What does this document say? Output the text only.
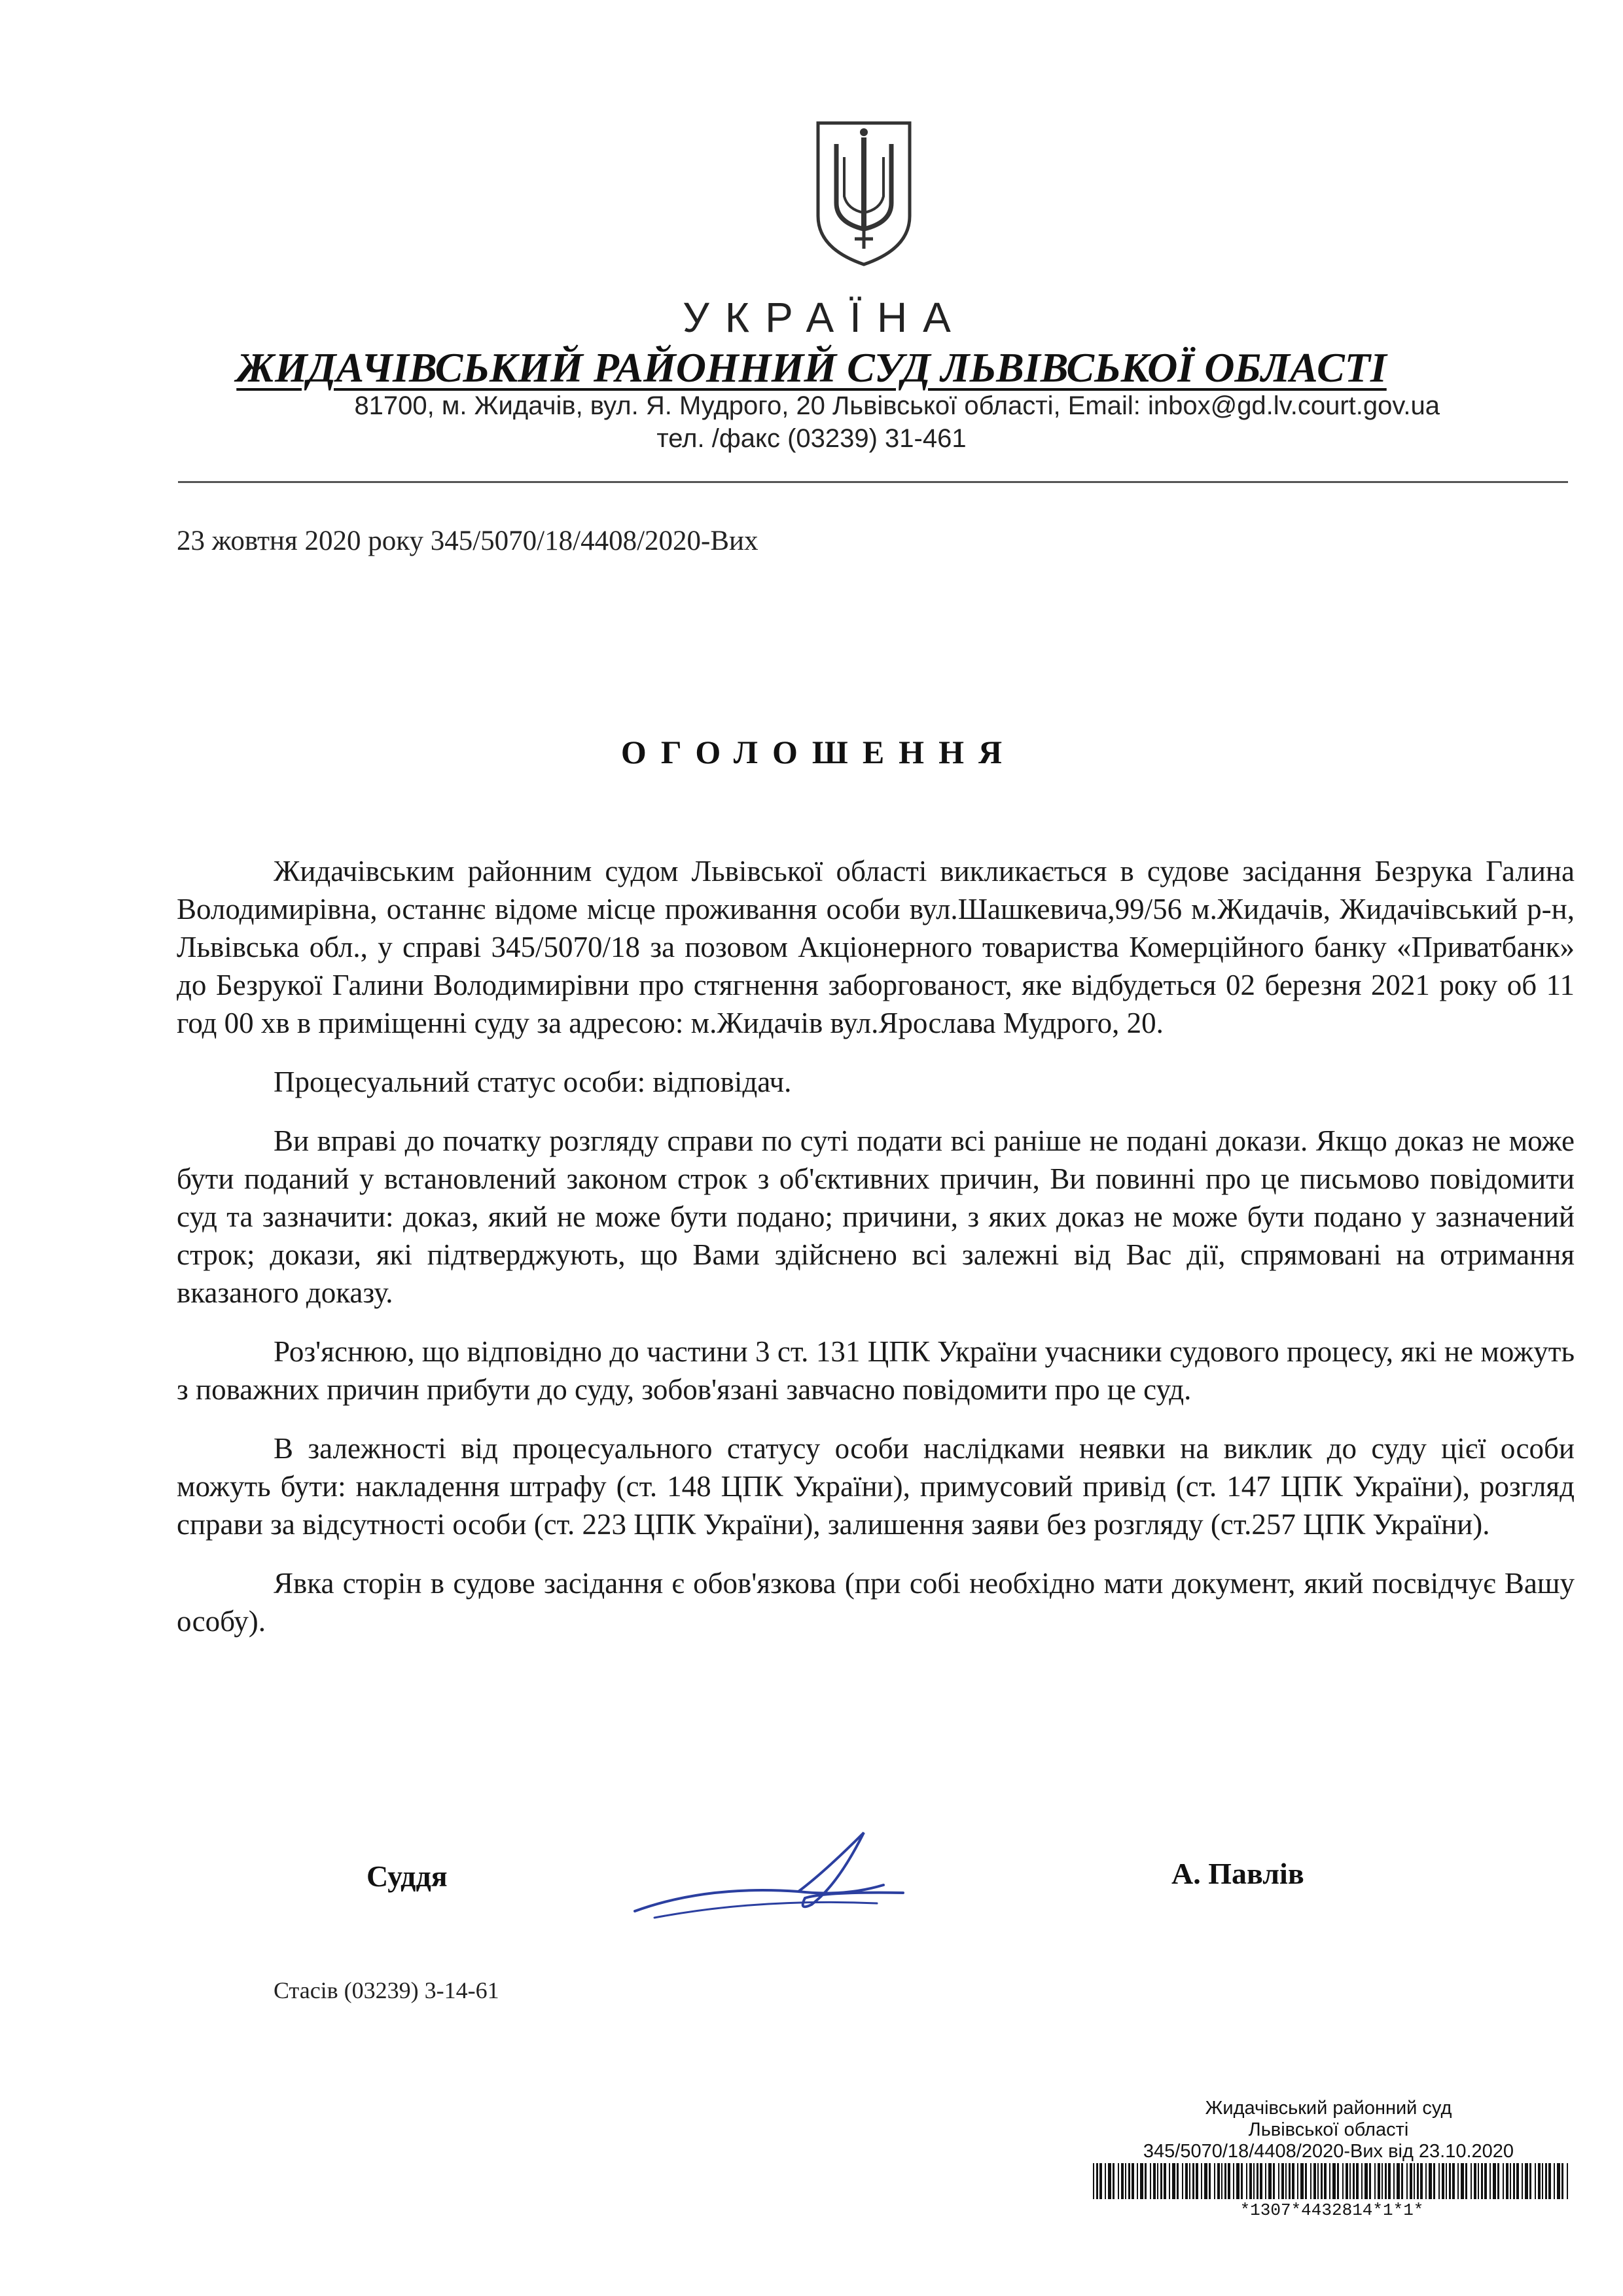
УКРАЇНА
ЖИДАЧІВСЬКИЙ РАЙОННИЙ СУД ЛЬВІВСЬКОЇ ОБЛАСТІ
81700, м. Жидачів, вул. Я. Мудрого, 20 Львівської області, Email: inbox@gd.lv.court.gov.ua
тел. /факс (03239) 31-461
23 жовтня 2020 року 345/5070/18/4408/2020-Вих
ОГОЛОШЕННЯ

Жидачівським районним судом Львівської області викликається в судове засідання Безрука Галина Володимирівна, останнє відоме місце проживання особи вул.Шашкевича,99/56 м.Жидачів, Жидачівський р-н, Львівська обл., у справі 345/5070/18 за позовом Акціонерного товариства Комерційного банку «Приватбанк» до Безрукої Галини Володимирівни про стягнення заборгованост, яке відбудеться 02 березня 2021 року об 11 год 00 хв в приміщенні суду за адресою: м.Жидачів вул.Ярослава Мудрого, 20.

Процесуальний статус особи: відповідач.

Ви вправі до початку розгляду справи по суті подати всі раніше не подані докази. Якщо доказ не може бути поданий у встановлений законом строк з об'єктивних причин, Ви повинні про це письмово повідомити суд та зазначити: доказ, який не може бути подано; причини, з яких доказ не може бути подано у зазначений строк; докази, які підтверджують, що Вами здійснено всі залежні від Вас дії, спрямовані на отримання вказаного доказу.

Роз'яснюю, що відповідно до частини 3 ст. 131 ЦПК України учасники судового процесу, які не можуть з поважних причин прибути до суду, зобов'язані завчасно повідомити про це суд.

В залежності від процесуального статусу особи наслідками неявки на виклик до суду цієї особи можуть бути: накладення штрафу (ст. 148 ЦПК України), примусовий привід (ст. 147 ЦПК України), розгляд справи за відсутності особи (ст. 223 ЦПК України), залишення заяви без розгляду (ст.257 ЦПК України).

Явка сторін в судове засідання є обов'язкова (при собі необхідно мати документ, який посвідчує Вашу особу).

Суддя	А. Павлів
Стасів (03239) 3-14-61
Жидачівський районний суд
Львівської області
345/5070/18/4408/2020-Вих від 23.10.2020
*1307*4432814*1*1*
